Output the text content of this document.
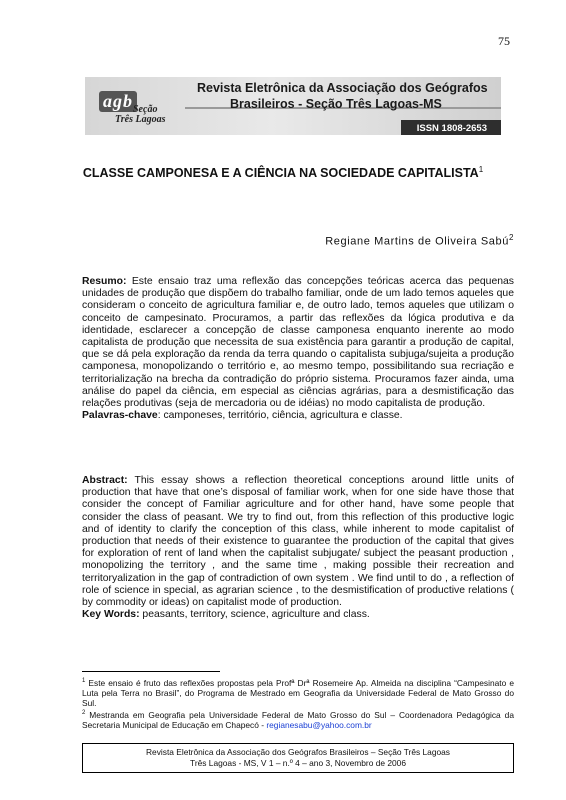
75
agb Seção
Três Lagoas
Revista Eletrônica da Associação dos Geógrafos
Brasileiros - Seção Três Lagoas-MS
ISSN 1808-2653
CLASSE CAMPONESA E A CIÊNCIA NA SOCIEDADE CAPITALISTA$^1$
Regiane Martins de Oliveira Sabú$^2$
Resumo: Este ensaio traz uma reflexão das concepções teóricas acerca das pequenas unidades de produção que dispõem do trabalho familiar, onde de um lado temos aqueles que consideram o conceito de agricultura familiar e, de outro lado, temos aqueles que utilizam o conceito de campesinato. Procuramos, a partir das reflexões da lógica produtiva e da identidade, esclarecer a concepção de classe camponesa enquanto inerente ao modo capitalista de produção que necessita de sua existência para garantir a produção de capital, que se dá pela exploração da renda da terra quando o capitalista subjuga/sujeita a produção camponesa, monopolizando o território e, ao mesmo tempo, possibilitando sua recriação e territorialização na brecha da contradição do próprio sistema. Procuramos fazer ainda, uma análise do papel da ciência, em especial as ciências agrárias, para a desmistificação das relações produtivas (seja de mercadoria ou de idéias) no modo capitalista de produção.
Palavras-chave: camponeses, território, ciência, agricultura e classe.
Abstract: This essay shows a reflection theoretical conceptions around little units of production that have that one’s disposal of familiar work, when for one side have those that consider the concept of Familiar agriculture and for other hand, have some people that consider the class of peasant. We try to find out, from this reflection of this productive logic and of identity to clarify the conception of this class, while inherent to mode capitalist of production that needs of their existence to guarantee the production of the capital that gives for exploration of rent of land when the capitalist subjugate/ subject the peasant production , monopolizing the territory , and the same time , making possible their recreation and territoryalization in the gap of contradiction of own system . We find until to do , a reflection of role of science in special, as agrarian science , to the desmistification of productive relations ( by commodity or ideas) on capitalist mode of production.
Key Words: peasants, territory, science, agriculture and class.

$^1$ Este ensaio é fruto das reflexões propostas pela Profª Drª Rosemeire Ap. Almeida na disciplina “Campesinato e Luta pela Terra no Brasil”, do Programa de Mestrado em Geografia da Universidade Federal de Mato Grosso do Sul.

$^2$ Mestranda em Geografia pela Universidade Federal de Mato Grosso do Sul – Coordenadora Pedagógica da Secretaria Municipal de Educação em Chapecó - regianesabu@yahoo.com.br

Revista Eletrônica da Associação dos Geógrafos Brasileiros – Seção Três Lagoas
Três Lagoas - MS, V 1 – n.º 4 – ano 3, Novembro de 2006
